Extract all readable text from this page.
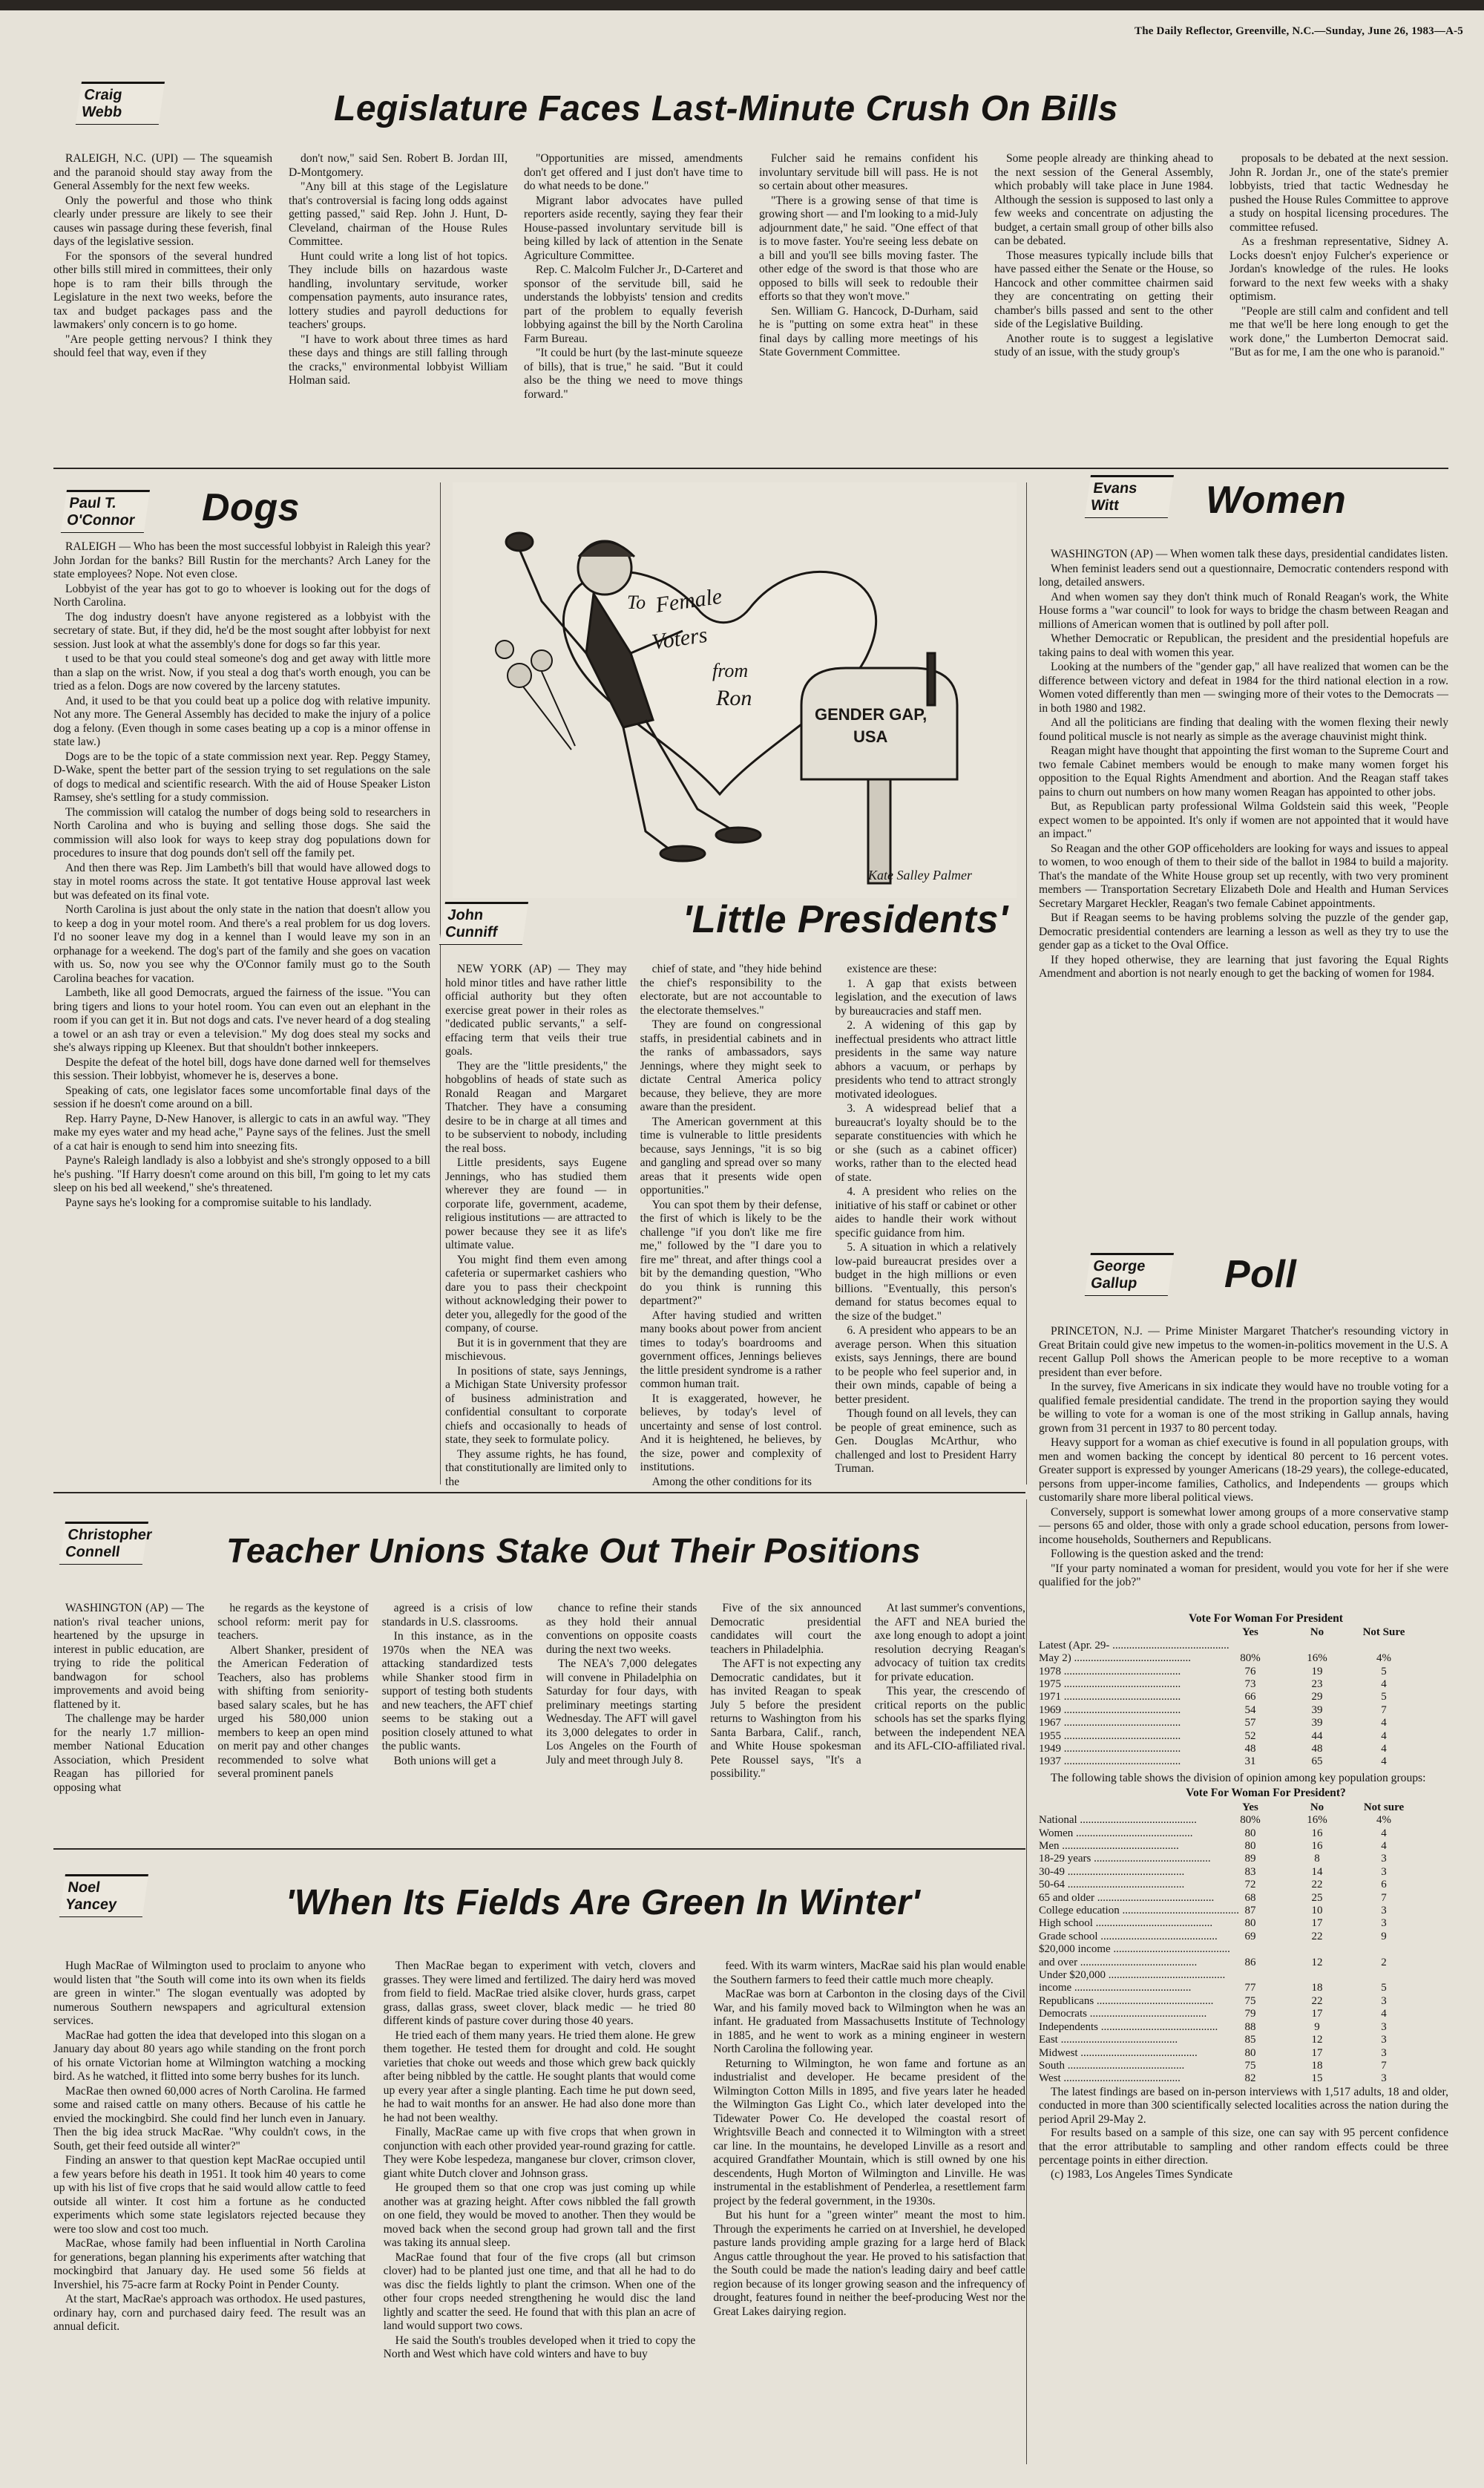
The Daily Reflector, Greenville, N.C.—Sunday, June 26, 1983—A-5
Craig
Webb	Legislature Faces Last-Minute Crush On Bills

RALEIGH, N.C. (UPI) — The squeamish and the paranoid should stay away from the General Assembly for the next few weeks.

Only the powerful and those who think clearly under pressure are likely to see their causes win passage during these feverish, final days of the legislative session.

For the sponsors of the several hundred other bills still mired in committees, their only hope is to ram their bills through the Legislature in the next two weeks, before the tax and budget packages pass and the lawmakers' only concern is to go home.

"Are people getting nervous? I think they should feel that way, even if they

don't now," said Sen. Robert B. Jordan III, D-Montgomery.

"Any bill at this stage of the Legislature that's controversial is facing long odds against getting passed," said Rep. John J. Hunt, D-Cleveland, chairman of the House Rules Committee.

Hunt could write a long list of hot topics. They include bills on hazardous waste handling, involuntary servitude, worker compensation payments, auto insurance rates, lottery studies and payroll deductions for teachers' groups.

"I have to work about three times as hard these days and things are still falling through the cracks," environmental lobbyist William Holman said.

"Opportunities are missed, amendments don't get offered and I just don't have time to do what needs to be done."

Migrant labor advocates have pulled reporters aside recently, saying they fear their House-passed involuntary servitude bill is being killed by lack of attention in the Senate Agriculture Committee.

Rep. C. Malcolm Fulcher Jr., D-Carteret and sponsor of the servitude bill, said he understands the lobbyists' tension and credits part of the problem to equally feverish lobbying against the bill by the North Carolina Farm Bureau.

"It could be hurt (by the last-minute squeeze of bills), that is true," he said. "But it could also be the thing we need to move things forward."

Fulcher said he remains confident his involuntary servitude bill will pass. He is not so certain about other measures.

"There is a growing sense of that time is growing short — and I'm looking to a mid-July adjournment date," he said. "One effect of that is to move faster. You're seeing less debate on a bill and you'll see bills moving faster. The other edge of the sword is that those who are opposed to bills will seek to redouble their efforts so that they won't move."

Sen. William G. Hancock, D-Durham, said he is "putting on some extra heat" in these final days by calling more meetings of his State Government Committee.

Some people already are thinking ahead to the next session of the General Assembly, which probably will take place in June 1984. Although the session is supposed to last only a few weeks and concentrate on adjusting the budget, a certain small group of other bills also can be debated.

Those measures typically include bills that have passed either the Senate or the House, so Hancock and other committee chairmen said they are concentrating on getting their chamber's bills passed and sent to the other side of the Legislative Building.

Another route is to suggest a legislative study of an issue, with the study group's

proposals to be debated at the next session. John R. Jordan Jr., one of the state's premier lobbyists, tried that tactic Wednesday he pushed the House Rules Committee to approve a study on hospital licensing procedures. The committee refused.

As a freshman representative, Sidney A. Locks doesn't enjoy Fulcher's experience or Jordan's knowledge of the rules. He looks forward to the next few weeks with a shaky optimism.

"People are still calm and confident and tell me that we'll be here long enough to get the work done," the Lumberton Democrat said. "But as for me, I am the one who is paranoid."

Paul T.
O'Connor Dogs

RALEIGH — Who has been the most successful lobbyist in Raleigh this year? John Jordan for the banks? Bill Rustin for the merchants? Arch Laney for the state employees? Nope. Not even close.

Lobbyist of the year has got to go to whoever is looking out for the dogs of North Carolina.

The dog industry doesn't have anyone registered as a lobbyist with the secretary of state. But, if they did, he'd be the most sought after lobbyist for next session. Just look at what the assembly's done for dogs so far this year.

t used to be that you could steal someone's dog and get away with little more than a slap on the wrist. Now, if you steal a dog that's worth enough, you can be tried as a felon. Dogs are now covered by the larceny statutes.

And, it used to be that you could beat up a police dog with relative impunity. Not any more. The General Assembly has decided to make the injury of a police dog a felony. (Even though in some cases beating up a cop is a minor offense in state law.)

Dogs are to be the topic of a state commission next year. Rep. Peggy Stamey, D-Wake, spent the better part of the session trying to set regulations on the sale of dogs to medical and scientific research. With the aid of House Speaker Liston Ramsey, she's settling for a study commission.

The commission will catalog the number of dogs being sold to researchers in North Carolina and who is buying and selling those dogs. She said the commission will also look for ways to keep stray dog populations down for procedures to insure that dog pounds don't sell off the family pet.

And then there was Rep. Jim Lambeth's bill that would have allowed dogs to stay in motel rooms across the state. It got tentative House approval last week but was defeated on its final vote.

North Carolina is just about the only state in the nation that doesn't allow you to keep a dog in your motel room. And there's a real problem for us dog lovers. I'd no sooner leave my dog in a kennel than I would leave my son in an orphanage for a weekend. The dog's part of the family and she goes on vacation with us. So, now you see why the O'Connor family must go to the South Carolina beaches for vacation.

Lambeth, like all good Democrats, argued the fairness of the issue. "You can bring tigers and lions to your hotel room. You can even out an elephant in the room if you can get it in. But not dogs and cats. I've never heard of a dog stealing a towel or an ash tray or even a television." My dog does steal my socks and she's always ripping up Kleenex. But that shouldn't bother innkeepers.

Despite the defeat of the hotel bill, dogs have done darned well for themselves this session. Their lobbyist, whomever he is, deserves a bone.

Speaking of cats, one legislator faces some uncomfortable final days of the session if he doesn't come around on a bill.

Rep. Harry Payne, D-New Hanover, is allergic to cats in an awful way. "They make my eyes water and my head ache," Payne says of the felines. Just the smell of a cat hair is enough to send him into sneezing fits.

Payne's Raleigh landlady is also a lobbyist and she's strongly opposed to a bill he's pushing. "If Harry doesn't come around on this bill, I'm going to let my cats sleep on his bed all weekend," she's threatened.

Payne says he's looking for a compromise suitable to his landlady.

To Female
Voters
from
Ron
GENDER GAP,
USA
Kate Salley Palmer
John
Cunniff	'Little Presidents'

NEW YORK (AP) — They may hold minor titles and have rather little official authority but they often exercise great power in their roles as "dedicated public servants," a self-effacing term that veils their true goals.

They are the "little presidents," the hobgoblins of heads of state such as Ronald Reagan and Margaret Thatcher. They have a consuming desire to be in charge at all times and to be subservient to nobody, including the real boss.

Little presidents, says Eugene Jennings, who has studied them wherever they are found — in corporate life, government, academe, religious institutions — are attracted to power because they see it as life's ultimate value.

You might find them even among cafeteria or supermarket cashiers who dare you to pass their checkpoint without acknowledging their power to deter you, allegedly for the good of the company, of course.

But it is in government that they are mischievous.

In positions of state, says Jennings, a Michigan State University professor of business administration and confidential consultant to corporate chiefs and occasionally to heads of state, they seek to formulate policy.

They assume rights, he has found, that constitutionally are limited only to the

chief of state, and "they hide behind the chief's responsibility to the electorate, but are not accountable to the electorate themselves."

They are found on congressional staffs, in presidential cabinets and in the ranks of ambassadors, says Jennings, where they might seek to dictate Central America policy because, they believe, they are more aware than the president.

The American government at this time is vulnerable to little presidents because, says Jennings, "it is so big and gangling and spread over so many areas that it presents wide open opportunities."

You can spot them by their defense, the first of which is likely to be the challenge "if you don't like me fire me," followed by the "I dare you to fire me" threat, and after things cool a bit by the demanding question, "Who do you think is running this department?"

After having studied and written many books about power from ancient times to today's boardrooms and government offices, Jennings believes the little president syndrome is a rather common human trait.

It is exaggerated, however, he believes, by today's level of uncertainty and sense of lost control. And it is heightened, he believes, by the size, power and complexity of institutions.

Among the other conditions for its

existence are these:

1. A gap that exists between legislation, and the execution of laws by bureaucracies and staff men.

2. A widening of this gap by ineffectual presidents who attract little presidents in the same way nature abhors a vacuum, or perhaps by presidents who tend to attract strongly motivated ideologues.

3. A widespread belief that a bureaucrat's loyalty should be to the separate constituencies with which he or she (such as a cabinet officer) works, rather than to the elected head of state.

4. A president who relies on the initiative of his staff or cabinet or other aides to handle their work without specific guidance from him.

5. A situation in which a relatively low-paid bureaucrat presides over a budget in the high millions or even billions. "Eventually, this person's demand for status becomes equal to the size of the budget."

6. A president who appears to be an average person. When this situation exists, says Jennings, there are bound to be people who feel superior and, in their own minds, capable of being a better president.

Though found on all levels, they can be people of great eminence, such as Gen. Douglas McArthur, who challenged and lost to President Harry Truman.

Evans
Witt	Women

WASHINGTON (AP) — When women talk these days, presidential candidates listen.

When feminist leaders send out a questionnaire, Democratic contenders respond with long, detailed answers.

And when women say they don't think much of Ronald Reagan's work, the White House forms a "war council" to look for ways to bridge the chasm between Reagan and millions of American women that is outlined by poll after poll.

Whether Democratic or Republican, the president and the presidential hopefuls are taking pains to deal with women this year.

Looking at the numbers of the "gender gap," all have realized that women can be the difference between victory and defeat in 1984 for the third national election in a row. Women voted differently than men — swinging more of their votes to the Democrats — in both 1980 and 1982.

And all the politicians are finding that dealing with the women flexing their newly found political muscle is not nearly as simple as the average chauvinist might think.

Reagan might have thought that appointing the first woman to the Supreme Court and two female Cabinet members would be enough to make many women forget his opposition to the Equal Rights Amendment and abortion. And the Reagan staff takes pains to churn out numbers on how many women Reagan has appointed to other jobs.

But, as Republican party professional Wilma Goldstein said this week, "People expect women to be appointed. It's only if women are not appointed that it would have an impact."

So Reagan and the other GOP officeholders are looking for ways and issues to appeal to women, to woo enough of them to their side of the ballot in 1984 to build a majority. That's the mandate of the White House group set up recently, with two very prominent members — Transportation Secretary Elizabeth Dole and Health and Human Services Secretary Margaret Heckler, Reagan's two female Cabinet appointments.

But if Reagan seems to be having problems solving the puzzle of the gender gap, Democratic presidential contenders are learning a lesson as well as they try to use the gender gap as a ticket to the Oval Office.

If they hoped otherwise, they are learning that just favoring the Equal Rights Amendment and abortion is not nearly enough to get the backing of women for 1984.

George
Gallup	Poll

PRINCETON, N.J. — Prime Minister Margaret Thatcher's resounding victory in Great Britain could give new impetus to the women-in-politics movement in the U.S. A recent Gallup Poll shows the American people to be more receptive to a woman president than ever before.

In the survey, five Americans in six indicate they would have no trouble voting for a qualified female presidential candidate. The trend in the proportion saying they would be willing to vote for a woman is one of the most striking in Gallup annals, having grown from 31 percent in 1937 to 80 percent today.

Heavy support for a woman as chief executive is found in all population groups, with men and women backing the concept by identical 80 percent to 16 percent votes. Greater support is expressed by younger Americans (18-29 years), the college-educated, persons from upper-income families, Catholics, and Independents — groups which customarily share more liberal political views.

Conversely, support is somewhat lower among groups of a more conservative stamp — persons 65 and older, those with only a grade school education, persons from lower-income households, Southerners and Republicans.

Following is the question asked and the trend:

"If your party nominated a woman for president, would you vote for her if she were qualified for the job?"

Vote For Woman For President
Yes	No	Not Sure
Latest (Apr. 29- ..........................................
May 2) ..........................................	80%	16%	4%
1978 ..........................................	76	19	5
1975 ..........................................	73	23	4
1971 ..........................................	66	29	5
1969 ..........................................	54	39	7
1967 ..........................................	57	39	4
1955 ..........................................	52	44	4
1949 ..........................................	48	48	4
1937 ..........................................	31	65	4

The following table shows the division of opinion among key population groups:

Vote For Woman For President?
Yes	No	Not sure
National ..........................................	80%	16%	4%
Women ..........................................	80	16	4
Men ..........................................	80	16	4
18-29 years ..........................................	89	8	3
30-49 ..........................................	83	14	3
50-64 ..........................................	72	22	6
65 and older ..........................................	68	25	7
College education .......................................... 87	10	3
High school ..........................................	80	17	3
Grade school ..........................................	69	22	9
$20,000 income ..........................................
and over ..........................................	86	12	2
Under $20,000 ..........................................
income ..........................................	77	18	5
Republicans ..........................................	75	22	3
Democrats ..........................................	79	17	4
Independents ..........................................	88	9	3
East ..........................................	85	12	3
Midwest ..........................................	80	17	3
South ..........................................	75	18	7
West ..........................................	82	15	3

The latest findings are based on in-person interviews with 1,517 adults, 18 and older, conducted in more than 300 scientifically selected localities across the nation during the period April 29-May 2.

For results based on a sample of this size, one can say with 95 percent confidence that the error attributable to sampling and other random effects could be three percentage points in either direction.

(c) 1983, Los Angeles Times Syndicate

Christopher
Connell	Teacher Unions Stake Out Their Positions

WASHINGTON (AP) — The nation's rival teacher unions, heartened by the upsurge in interest in public education, are trying to ride the political bandwagon for school improvements and avoid being flattened by it.

The challenge may be harder for the nearly 1.7 million-member National Education Association, which President Reagan has pilloried for opposing what

he regards as the keystone of school reform: merit pay for teachers.

Albert Shanker, president of the American Federation of Teachers, also has problems with shifting from seniority-based salary scales, but he has urged his 580,000 union members to keep an open mind on merit pay and other changes recommended to solve what several prominent panels

agreed is a crisis of low standards in U.S. classrooms.

In this instance, as in the 1970s when the NEA was attacking standardized tests while Shanker stood firm in support of testing both students and new teachers, the AFT chief seems to be staking out a position closely attuned to what the public wants.

Both unions will get a

chance to refine their stands as they hold their annual conventions on opposite coasts during the next two weeks.

The NEA's 7,000 delegates will convene in Philadelphia on Saturday for four days, with preliminary meetings starting Wednesday. The AFT will gavel its 3,000 delegates to order in Los Angeles on the Fourth of July and meet through July 8.

Five of the six announced Democratic presidential candidates will court the teachers in Philadelphia.

The AFT is not expecting any Democratic candidates, but it has invited Reagan to speak July 5 before the president returns to Washington from his Santa Barbara, Calif., ranch, and White House spokesman Pete Roussel says, "It's a possibility."

At last summer's conventions, the AFT and NEA buried the axe long enough to adopt a joint resolution decrying Reagan's advocacy of tuition tax credits for private education.

This year, the crescendo of critical reports on the public schools has set the sparks flying between the independent NEA and its AFL-CIO-affiliated rival.

Noel
Yancey	'When Its Fields Are Green In Winter'

Hugh MacRae of Wilmington used to proclaim to anyone who would listen that "the South will come into its own when its fields are green in winter." The slogan eventually was adopted by numerous Southern newspapers and agricultural extension services.

MacRae had gotten the idea that developed into this slogan on a January day about 80 years ago while standing on the front porch of his ornate Victorian home at Wilmington watching a mocking bird. As he watched, it flitted into some berry bushes for its lunch.

MacRae then owned 60,000 acres of North Carolina. He farmed some and raised cattle on many others. Because of his cattle he envied the mockingbird. She could find her lunch even in January. Then the big idea struck MacRae. "Why couldn't cows, in the South, get their feed outside all winter?"

Finding an answer to that question kept MacRae occupied until a few years before his death in 1951. It took him 40 years to come up with his list of five crops that he said would allow cattle to feed outside all winter. It cost him a fortune as he conducted experiments which some state legislators rejected because they were too slow and cost too much.

MacRae, whose family had been influential in North Carolina for generations, began planning his experiments after watching that mockingbird that January day. He used some 56 fields at Invershiel, his 75-acre farm at Rocky Point in Pender County.

At the start, MacRae's approach was orthodox. He used pastures, ordinary hay, corn and purchased dairy feed. The result was an annual deficit.

Then MacRae began to experiment with vetch, clovers and grasses. They were limed and fertilized. The dairy herd was moved from field to field. MacRae tried alsike clover, hurds grass, carpet grass, dallas grass, sweet clover, black medic — he tried 80 different kinds of pasture cover during those 40 years.

He tried each of them many years. He tried them alone. He grew them together. He tested them for drought and cold. He sought varieties that choke out weeds and those which grew back quickly after being nibbled by the cattle. He sought plants that would come up every year after a single planting. Each time he put down seed, he had to wait months for an answer. He had also done more than he had not been wealthy.

Finally, MacRae came up with five crops that when grown in conjunction with each other provided year-round grazing for cattle. They were Kobe lespedeza, manganese bur clover, crimson clover, giant white Dutch clover and Johnson grass.

He grouped them so that one crop was just coming up while another was at grazing height. After cows nibbled the fall growth on one field, they would be moved to another. Then they would be moved back when the second group had grown tall and the first was taking its annual sleep.

MacRae found that four of the five crops (all but crimson clover) had to be planted just one time, and that all he had to do was disc the fields lightly to plant the crimson. When one of the other four crops needed strengthening he would disc the land lightly and scatter the seed. He found that with this plan an acre of land would support two cows.

He said the South's troubles developed when it tried to copy the North and West which have cold winters and have to buy

feed. With its warm winters, MacRae said his plan would enable the Southern farmers to feed their cattle much more cheaply.

MacRae was born at Carbonton in the closing days of the Civil War, and his family moved back to Wilmington when he was an infant. He graduated from Massachusetts Institute of Technology in 1885, and he went to work as a mining engineer in western North Carolina the following year.

Returning to Wilmington, he won fame and fortune as an industrialist and developer. He became president of the Wilmington Cotton Mills in 1895, and five years later he headed the Wilmington Gas Light Co., which later developed into the Tidewater Power Co. He developed the coastal resort of Wrightsville Beach and connected it to Wilmington with a street car line. In the mountains, he developed Linville as a resort and acquired Grandfather Mountain, which is still owned by one his descendents, Hugh Morton of Wilmington and Linville. He was instrumental in the establishment of Penderlea, a resettlement farm project by the federal government, in the 1930s.

But his hunt for a "green winter" meant the most to him. Through the experiments he carried on at Invershiel, he developed pasture lands providing ample grazing for a large herd of Black Angus cattle throughout the year. He proved to his satisfaction that the South could be made the nation's leading dairy and beef cattle region because of its longer growing season and the infrequency of drought, features found in neither the beef-producing West nor the Great Lakes dairying region.
